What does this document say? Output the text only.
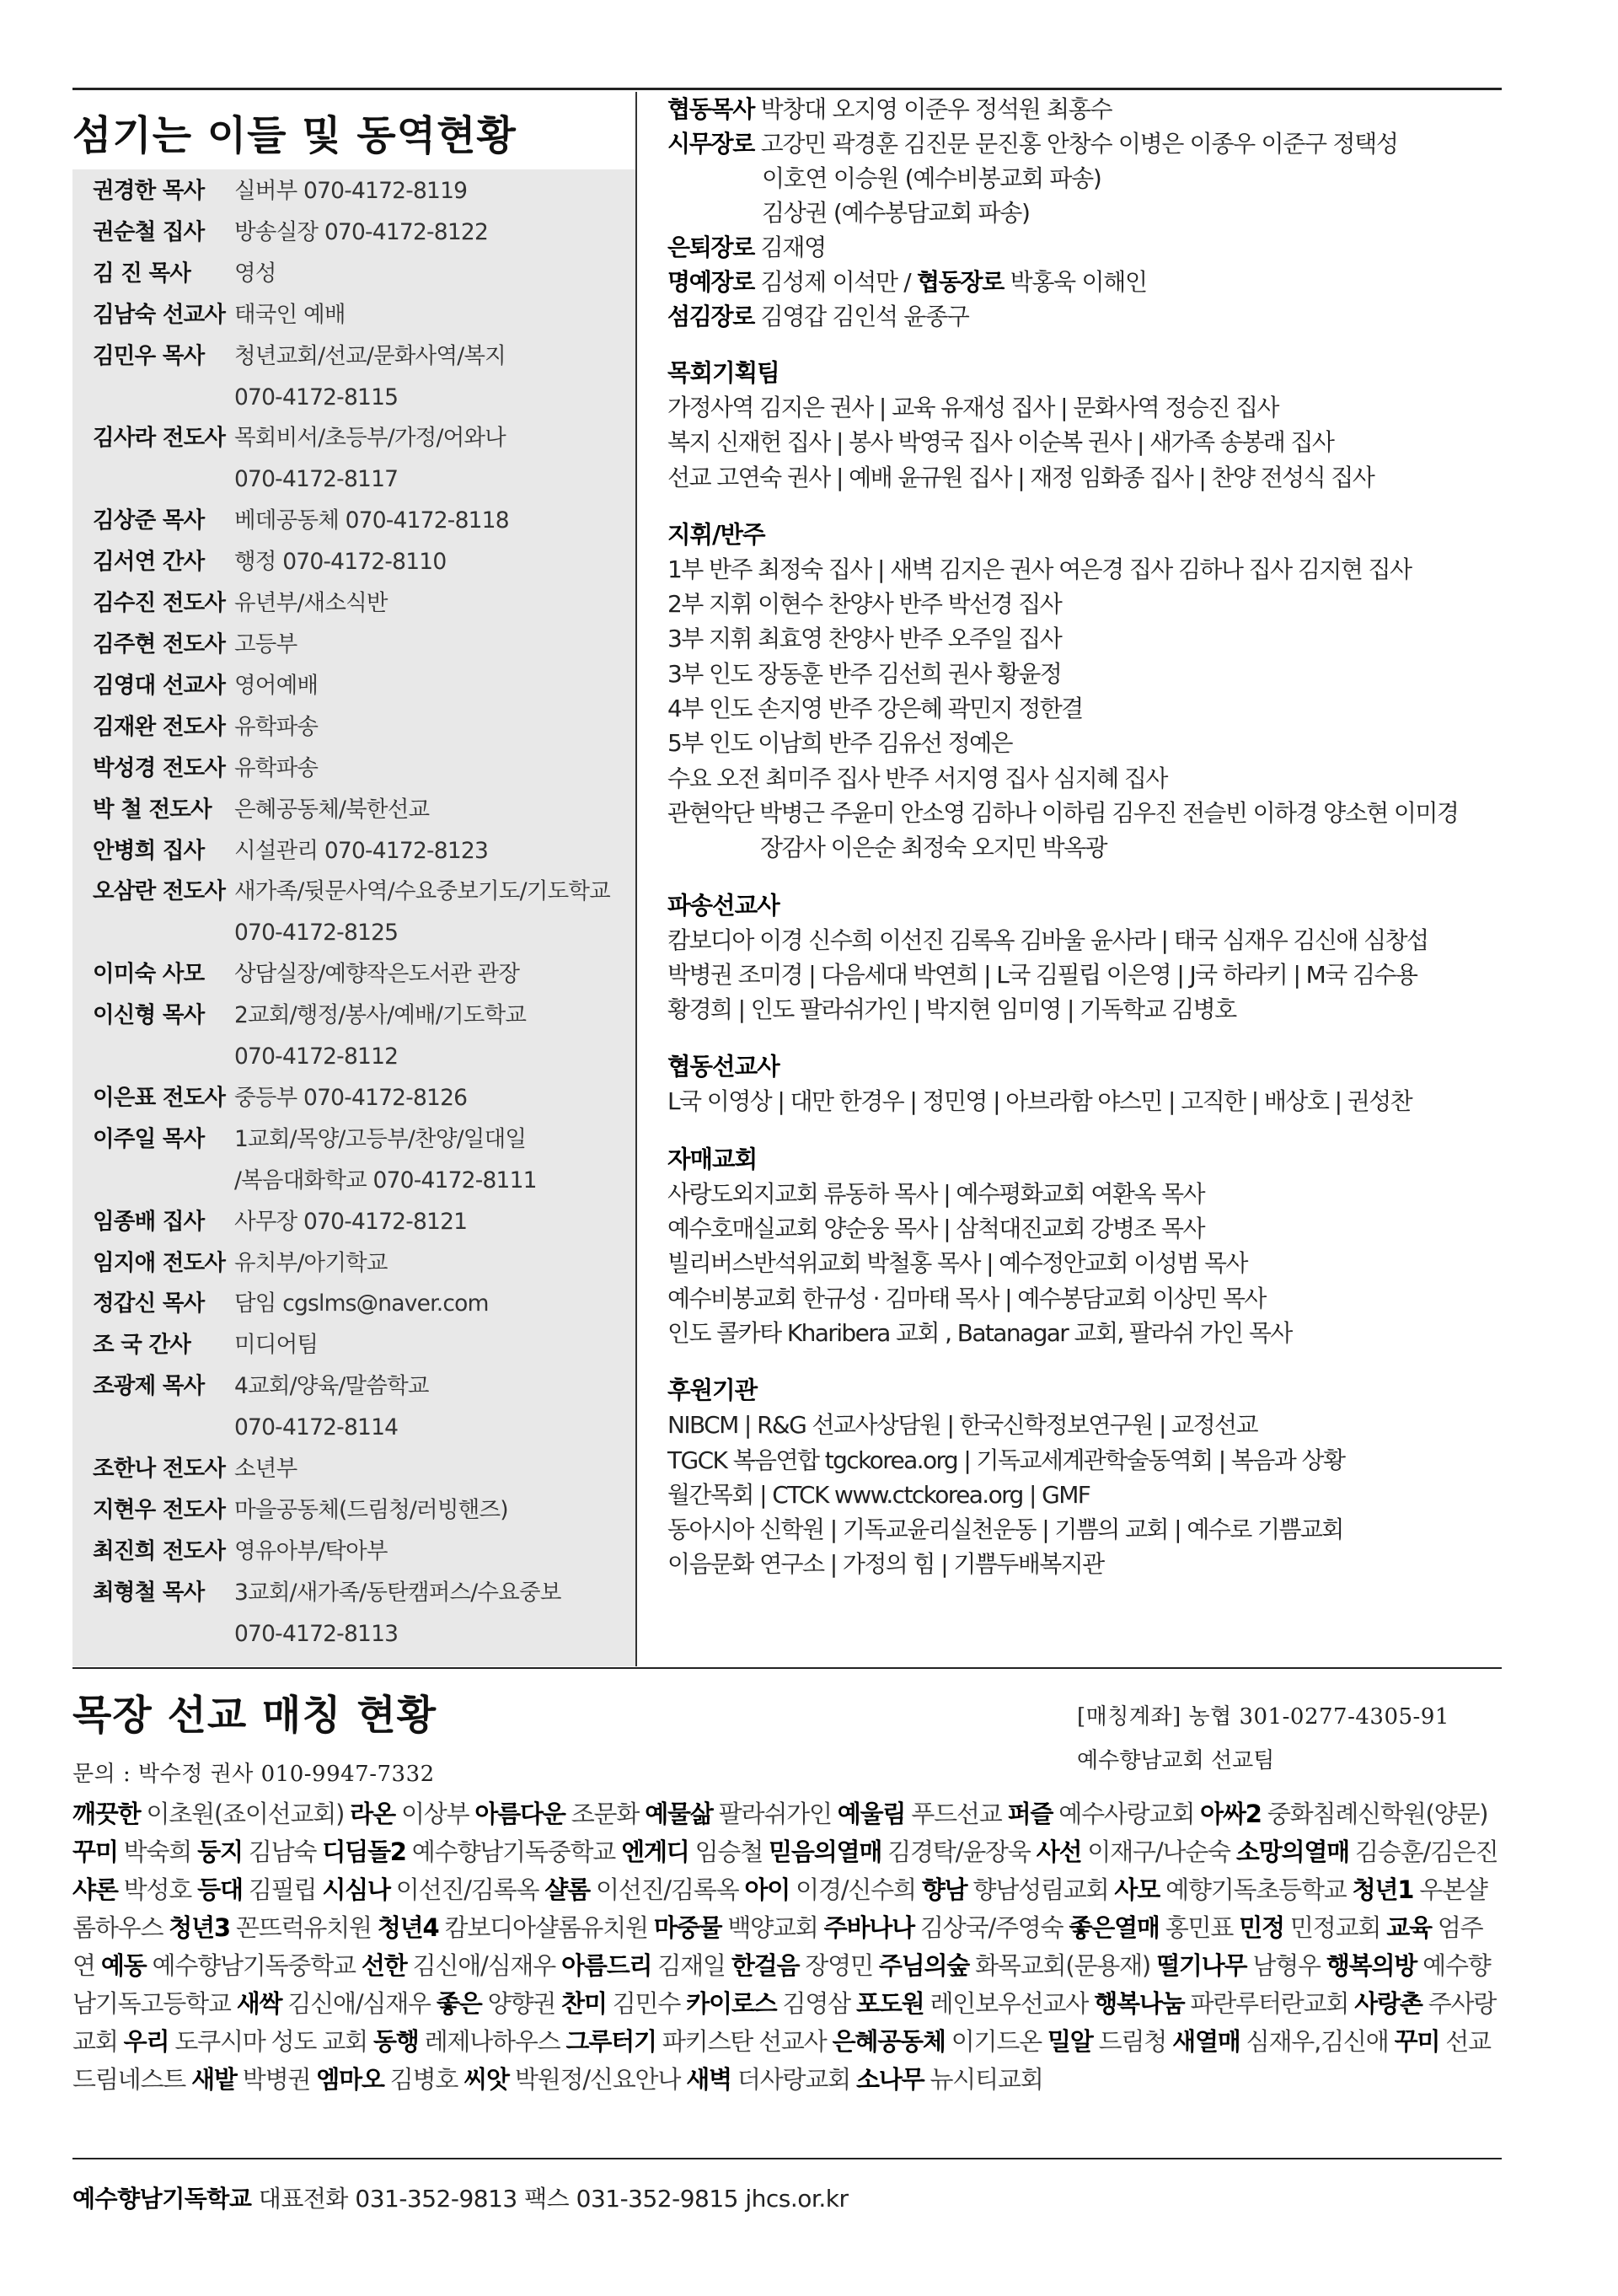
섬기는 이들 및 동역현황
권경한 목사	실버부 070-4172-8119
권순철 집사	방송실장 070-4172-8122
김 진 목사	영성
김남숙 선교사 태국인 예배
김민우 목사	청년교회/선교/문화사역/복지
070-4172-8115
김사라 전도사 목회비서/초등부/가정/어와나
070-4172-8117
김상준 목사	베데공동체 070-4172-8118
김서연 간사	행정 070-4172-8110
김수진 전도사 유년부/새소식반
김주현 전도사 고등부
김영대 선교사 영어예배
김재완 전도사 유학파송
박성경 전도사 유학파송
박 철 전도사	은혜공동체/북한선교
안병희 집사	시설관리 070-4172-8123
오삼란 전도사 새가족/뒷문사역/수요중보기도/기도학교
070-4172-8125
이미숙 사모	상담실장/예향작은도서관 관장
이신형 목사	2교회/행정/봉사/예배/기도학교
070-4172-8112
이은표 전도사 중등부 070-4172-8126
이주일 목사	1교회/목양/고등부/찬양/일대일
/복음대화학교 070-4172-8111
임종배 집사	사무장 070-4172-8121
임지애 전도사 유치부/아기학교
정갑신 목사	담임 cgslms@naver.com
조 국 간사	미디어팀
조광제 목사	4교회/양육/말씀학교
070-4172-8114
조한나 전도사 소년부
지현우 전도사 마을공동체(드림청/러빙핸즈)
최진희 전도사 영유아부/탁아부
최형철 목사	3교회/새가족/동탄캠퍼스/수요중보
070-4172-8113
협동목사 박창대 오지영 이준우 정석원 최홍수
시무장로 고강민 곽경훈 김진문 문진홍 안창수 이병은 이종우 이준구 정택성
이호연 이승원 (예수비봉교회 파송)
김상권 (예수봉담교회 파송)
은퇴장로 김재영
명예장로 김성제 이석만 / 협동장로 박홍욱 이해인
섬김장로 김영갑 김인석 윤종구
목회기획팀
가정사역 김지은 권사 | 교육 유재성 집사 | 문화사역 정승진 집사
복지 신재헌 집사 | 봉사 박영국 집사 이순복 권사 | 새가족 송봉래 집사
선교 고연숙 권사 | 예배 윤규원 집사 | 재정 임화종 집사 | 찬양 전성식 집사
지휘/반주
1부 반주 최정숙 집사 | 새벽 김지은 권사 여은경 집사 김하나 집사 김지현 집사
2부 지휘 이현수 찬양사 반주 박선경 집사
3부 지휘 최효영 찬양사 반주 오주일 집사
3부 인도 장동훈 반주 김선희 권사 황윤정
4부 인도 손지영 반주 강은혜 곽민지 정한결
5부 인도 이남희 반주 김유선 정예은
수요 오전 최미주 집사 반주 서지영 집사 심지혜 집사
관현악단 박병근 주윤미 안소영 김하나 이하림 김우진 전슬빈 이하경 양소현 이미경
장감사 이은순 최정숙 오지민 박옥광
파송선교사
캄보디아 이경 신수희 이선진 김록옥 김바울 윤사라 | 태국 심재우 김신애 심창섭
박병권 조미경 | 다음세대 박연희 | L국 김필립 이은영 | J국 하라키 | M국 김수용
황경희 | 인도 팔라쉬가인 | 박지현 임미영 | 기독학교 김병호
협동선교사
L국 이영상 | 대만 한경우 | 정민영 | 아브라함 야스민 | 고직한 | 배상호 | 권성찬
자매교회
사랑도외지교회 류동하 목사 | 예수평화교회 여환옥 목사
예수호매실교회 양순웅 목사 | 삼척대진교회 강병조 목사
빌리버스반석위교회 박철홍 목사 | 예수정안교회 이성범 목사
예수비봉교회 한규성 · 김마태 목사 | 예수봉담교회 이상민 목사
인도 콜카타 Kharibera 교회 , Batanagar 교회, 팔라쉬 가인 목사
후원기관
NIBCM | R&G 선교사상담원 | 한국신학정보연구원 | 교정선교
TGCK 복음연합 tgckorea.org | 기독교세계관학술동역회 | 복음과 상황
월간목회 | CTCK www.ctckorea.org | GMF
동아시아 신학원 | 기독교윤리실천운동 | 기쁨의 교회 | 예수로 기쁨교회
이음문화 연구소 | 가정의 힘 | 기쁨두배복지관
목장 선교 매칭 현황
문의 : 박수정 권사 010-9947-7332
[매칭계좌] 농협 301-0277-4305-91
예수향남교회 선교팀
깨끗한 이초원(죠이선교회) 라온 이상부 아름다운 조문화 예물삶 팔라쉬가인 예울림 푸드선교 퍼즐 예수사랑교회 아싸2 중화침례신학원(양문) 꾸미 박숙희 둥지 김남숙 디딤돌2 예수향남기독중학교 엔게디 임승철 믿음의열매 김경탁/윤장욱 사선 이재구/나순숙 소망의열매 김승훈/김은진 샤론 박성호 등대 김필립 시심나 이선진/김록옥 샬롬 이선진/김록옥 아이 이경/신수희 향남 향남성림교회 사모 예향기독초등학교 청년1 우본샬롬하우스 청년3 꼰뜨럭유치원 청년4 캄보디아샬롬유치원 마중물 백양교회 주바나나 김상국/주영숙 좋은열매 홍민표 민정 민정교회 교육 엄주연 예동 예수향남기독중학교 선한 김신애/심재우 아름드리 김재일 한걸음 장영민 주님의숲 화목교회(문용재) 떨기나무 남형우 행복의방 예수향남기독고등학교 새싹 김신애/심재우 좋은 양향권 찬미 김민수 카이로스 김영삼 포도원 레인보우선교사 행복나눔 파란루터란교회 사랑촌 주사랑교회 우리 도쿠시마 성도 교회 동행 레제나하우스 그루터기 파키스탄 선교사 은혜공동체 이기드온 밀알 드림청 새열매 심재우,김신애 꾸미 선교드림네스트 새밭 박병권 엠마오 김병호 씨앗 박원정/신요안나 새벽 더사랑교회 소나무 뉴시티교회
예수향남기독학교 대표전화 031-352-9813 팩스 031-352-9815 jhcs.or.kr
